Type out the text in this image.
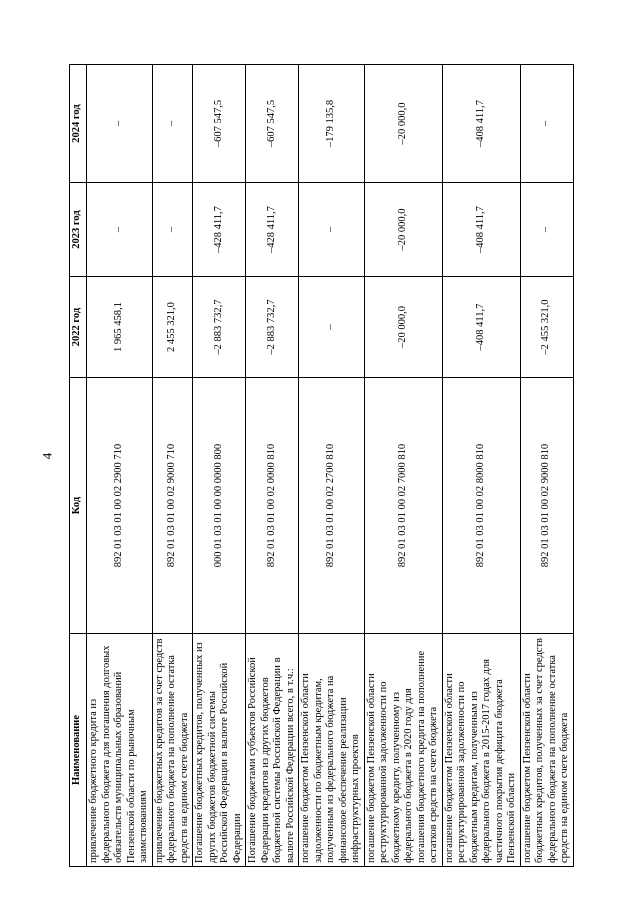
4
Наименование	Код	2022 год	2023 год	2024 год
привлечение бюджетного кредита из федерального бюджета для погашения долговых обязательств муниципальных образований Пензенской области по рыночным заимствованиям	892 01 03 01 00 02 2900 710	1 965 458,1	–	–
привлечение бюджетных кредитов за счет средств федерального бюджета на пополнение остатка средств на едином счете бюджета	892 01 03 01 00 02 9000 710	2 455 321,0	–	–
Погашение бюджетных кредитов, полученных из других бюджетов бюджетной системы Российской Федерации в валюте Российской Федерации	000 01 03 01 00 00 0000 800	–2 883 732,7	–428 411,7	–607 547,5
Погашение бюджетами субъектов Российской Федерации кредитов из других бюджетов бюджетной системы Российской Федерации в валюте Российской Федерации всего, в т.ч.:	892 01 03 01 00 02 0000 810	–2 883 732,7	–428 411,7	–607 547,5
погашение бюджетом Пензенской области задолженности по бюджетным кредитам, полученным из федерального бюджета на финансовое обеспечение реализации инфраструктурных проектов	892 01 03 01 00 02 2700 810	–	–	–179 135,8
погашение бюджетом Пензенской области реструктурированной задолженности по бюджетному кредиту, полученному из федерального бюджета в 2020 году для погашения бюджетного кредита на пополнение остатков средств на счете бюджета	892 01 03 01 00 02 7000 810	–20 000,0	–20 000,0	–20 000,0
погашение бюджетом Пензенской области реструктурированной задолженности по бюджетным кредитам, полученным из федерального бюджета в 2015-2017 годах для частичного покрытия дефицита бюджета Пензенской области	892 01 03 01 00 02 8000 810	–408 411,7	–408 411,7	–408 411,7
погашение бюджетом Пензенской области бюджетных кредитов, полученных за счет средств федерального бюджета на пополнение остатка средств на едином счете бюджета	892 01 03 01 00 02 9000 810	–2 455 321,0	–	–
